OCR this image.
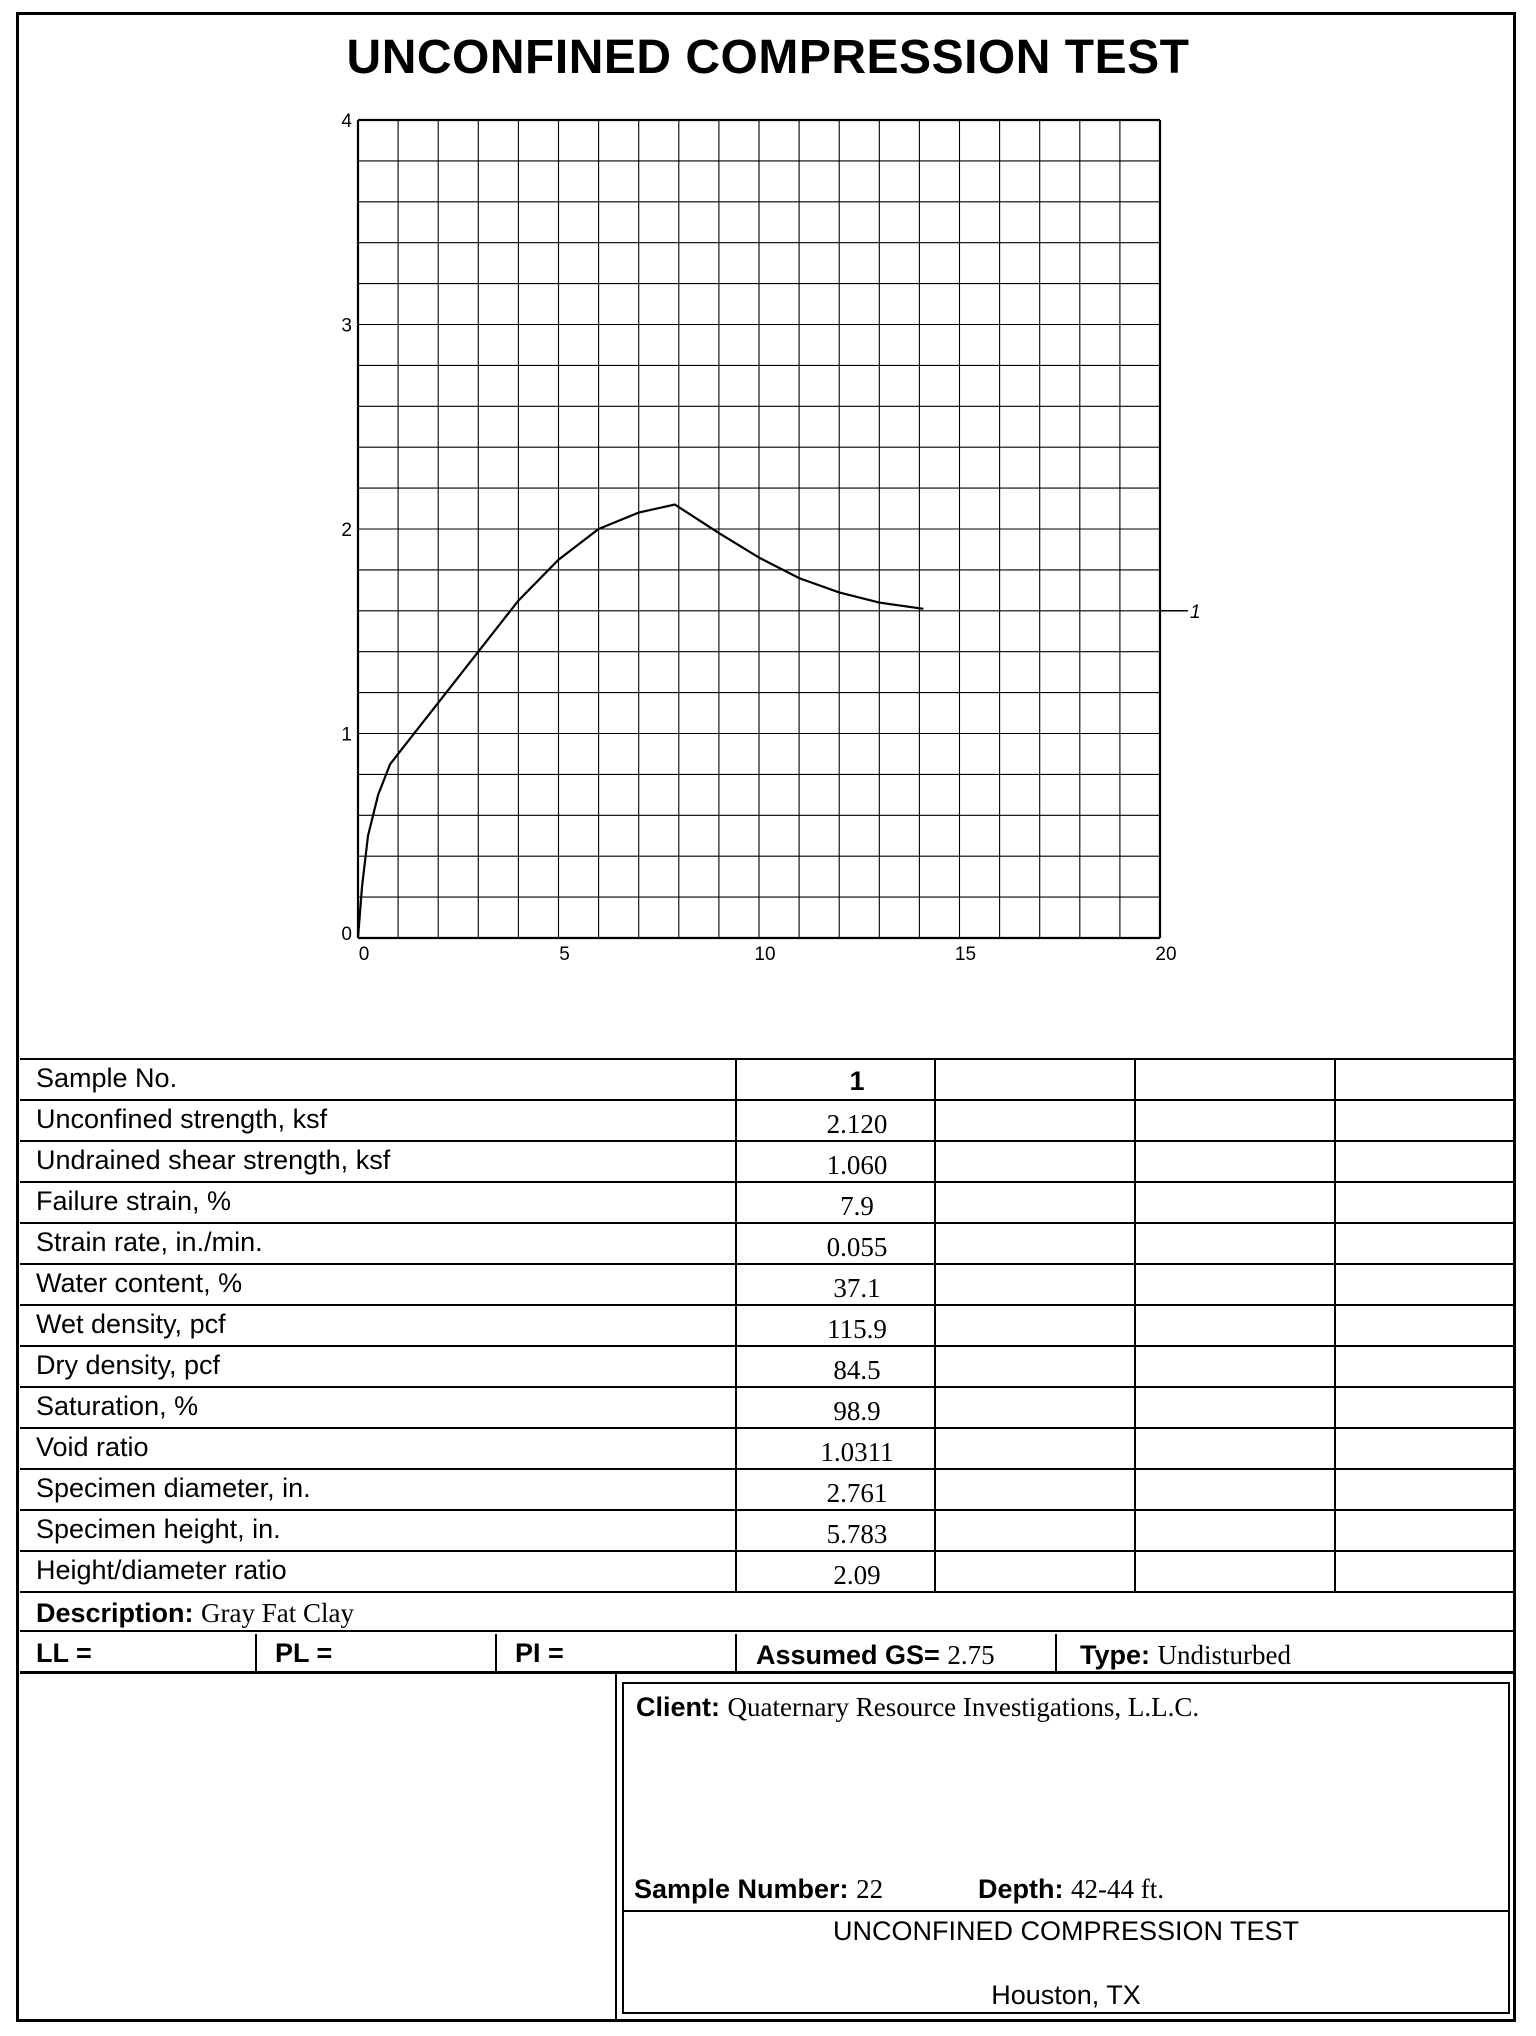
UNCONFINED COMPRESSION TEST
0
1
2
3
4
0	5	10	15	20
1
Sample No.	1
Unconfined strength, ksf	2.120
Undrained shear strength, ksf	1.060
Failure strain, %	7.9
Strain rate, in./min.	0.055
Water content, %	37.1
Wet density, pcf	115.9
Dry density, pcf	84.5
Saturation, %	98.9
Void ratio	1.0311
Specimen diameter, in.	2.761
Specimen height, in.	5.783
Height/diameter ratio	2.09
Description: Gray Fat Clay
LL =	PL =	PI =	Assumed GS= 2.75	Type: Undisturbed
Client: Quaternary Resource Investigations, L.L.C.
Sample Number: 22	Depth: 42-44 ft.
UNCONFINED COMPRESSION TEST
Houston, TX
